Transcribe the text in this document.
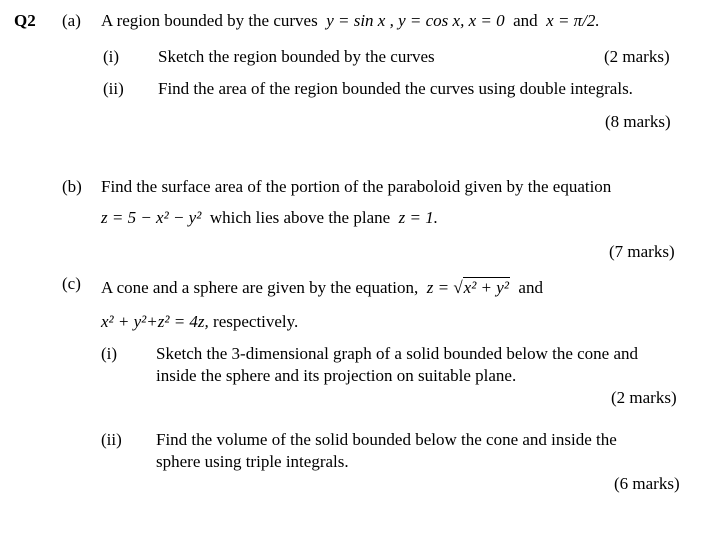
Q2 (a) A region bounded by the curves y = sin x , y = cos x, x = 0 and x = π/2.
(i) Sketch the region bounded by the curves	(2 marks)
(ii) Find the area of the region bounded the curves using double integrals.
(8 marks)
(b) Find the surface area of the portion of the paraboloid given by the equation
z = 5 − x² − y² which lies above the plane z = 1.
(7 marks)
(c) A cone and a sphere are given by the equation, z = √x² + y² and
x² + y²+z² = 4z, respectively.
(i) Sketch the 3-dimensional graph of a solid bounded below the cone and
inside the sphere and its projection on suitable plane.
(2 marks)
(ii) Find the volume of the solid bounded below the cone and inside the
sphere using triple integrals.
(6 marks)
